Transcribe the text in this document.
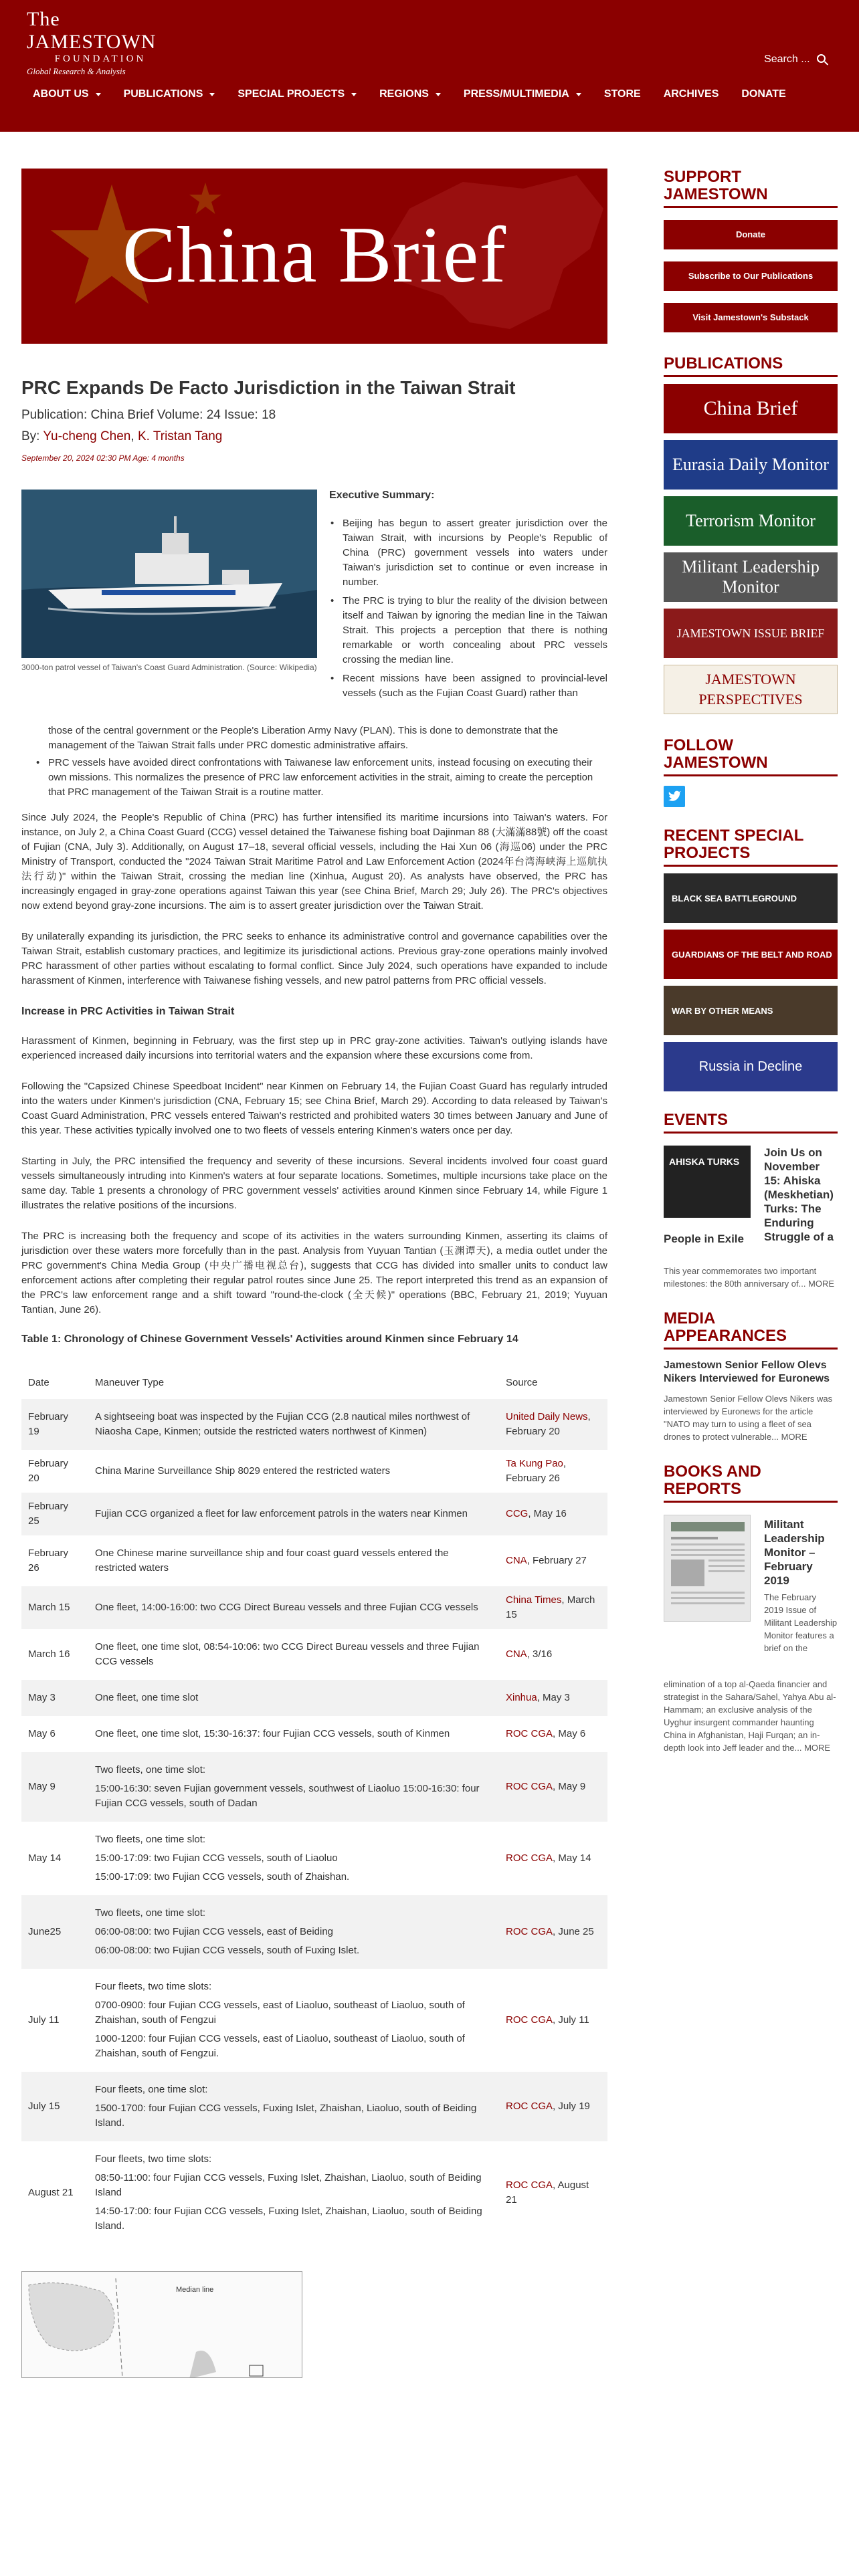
The JAMESTOWN
FOUNDATION
Global Research & Analysis
Search ...
ABOUT US	PUBLICATIONS	SPECIAL PROJECTS	REGIONS	PRESS/MULTIMEDIA	STORE ARCHIVES DONATE
China Brief
PRC Expands De Facto Jurisdiction in the Taiwan Strait
Publication: China Brief Volume: 24 Issue: 18
By: Yu-cheng Chen, K. Tristan Tang
September 20, 2024 02:30 PM Age: 4 months
3000-ton patrol vessel of Taiwan's Coast Guard Administration. (Source: Wikipedia)
Executive Summary:
• Beijing has begun to assert greater jurisdiction over the Taiwan Strait, with incursions by People's Republic of China (PRC) government vessels into waters under Taiwan's jurisdiction set to continue or even increase in number.
• The PRC is trying to blur the reality of the division between itself and Taiwan by ignoring the median line in the Taiwan Strait. This projects a perception that there is nothing remarkable or worth concealing about PRC vessels crossing the median line.
• Recent missions have been assigned to provincial-level vessels (such as the Fujian Coast Guard) rather than
those of the central government or the People's Liberation Army Navy (PLAN). This is done to demonstrate that the management of the Taiwan Strait falls under PRC domestic administrative affairs.
• PRC vessels have avoided direct confrontations with Taiwanese law enforcement units, instead focusing on executing their own missions. This normalizes the presence of PRC law enforcement activities in the strait, aiming to create the perception that PRC management of the Taiwan Strait is a routine matter.

Since July 2024, the People's Republic of China (PRC) has further intensified its maritime incursions into Taiwan's waters. For instance, on July 2, a China Coast Guard (CCG) vessel detained the Taiwanese fishing boat Dajinman 88 (大滿滿88號) off the coast of Fujian (CNA, July 3). Additionally, on August 17–18, several official vessels, including the Hai Xun 06 (海巡06) under the PRC Ministry of Transport, conducted the "2024 Taiwan Strait Maritime Patrol and Law Enforcement Action (2024年台湾海峡海上巡航执法行动)" within the Taiwan Strait, crossing the median line (Xinhua, August 20). As analysts have observed, the PRC has increasingly engaged in gray-zone operations against Taiwan this year (see China Brief, March 29; July 26). The PRC's objectives now extend beyond gray-zone incursions. The aim is to assert greater jurisdiction over the Taiwan Strait.

By unilaterally expanding its jurisdiction, the PRC seeks to enhance its administrative control and governance capabilities over the Taiwan Strait, establish customary practices, and legitimize its jurisdictional actions. Previous gray-zone operations mainly involved PRC harassment of other parties without escalating to formal conflict. Since July 2024, such operations have expanded to include harassment of Kinmen, interference with Taiwanese fishing vessels, and new patrol patterns from PRC official vessels.

Increase in PRC Activities in Taiwan Strait

Harassment of Kinmen, beginning in February, was the first step up in PRC gray-zone activities. Taiwan's outlying islands have experienced increased daily incursions into territorial waters and the expansion where these excursions come from.

Following the "Capsized Chinese Speedboat Incident" near Kinmen on February 14, the Fujian Coast Guard has regularly intruded into the waters under Kinmen's jurisdiction (CNA, February 15; see China Brief, March 29). According to data released by Taiwan's Coast Guard Administration, PRC vessels entered Taiwan's restricted and prohibited waters 30 times between January and June of this year. These activities typically involved one to two fleets of vessels entering Kinmen's waters once per day.

Starting in July, the PRC intensified the frequency and severity of these incursions. Several incidents involved four coast guard vessels simultaneously intruding into Kinmen's waters at four separate locations. Sometimes, multiple incursions take place on the same day. Table 1 presents a chronology of PRC government vessels' activities around Kinmen since February 14, while Figure 1 illustrates the relative positions of the incursions.

The PRC is increasing both the frequency and scope of its activities in the waters surrounding Kinmen, asserting its claims of jurisdiction over these waters more forcefully than in the past. Analysis from Yuyuan Tantian (玉渊谭天), a media outlet under the PRC government's China Media Group (中央广播电视总台), suggests that CCG has divided into smaller units to conduct law enforcement actions after completing their regular patrol routes since June 25. The report interpreted this trend as an expansion of the PRC's law enforcement range and a shift toward "round-the-clock (全天候)" operations (BBC, February 21, 2019; Yuyuan Tantian, June 26).

Table 1: Chronology of Chinese Government Vessels' Activities around Kinmen since February 14
Date	Maneuver Type	Source
February 19	A sightseeing boat was inspected by the Fujian CCG (2.8 nautical miles northwest of Niaosha Cape, Kinmen; outside the restricted waters northwest of Kinmen)	United Daily News, February 20
February 20	China Marine Surveillance Ship 8029 entered the restricted waters	Ta Kung Pao, February 26
February 25	Fujian CCG organized a fleet for law enforcement patrols in the waters near Kinmen	CCG, May 16
February 26	One Chinese marine surveillance ship and four coast guard vessels entered the restricted waters	CNA, February 27
March 15	One fleet, 14:00-16:00: two CCG Direct Bureau vessels and three Fujian CCG vessels	China Times, March 15
March 16	One fleet, one time slot, 08:54-10:06: two CCG Direct Bureau vessels and three Fujian CCG vessels	CNA, 3/16
May 3	One fleet, one time slot	Xinhua, May 3
May 6	One fleet, one time slot, 15:30-16:37: four Fujian CCG vessels, south of Kinmen	ROC CGA, May 6
May 9	Two fleets, one time slot:

15:00-16:30: seven Fujian government vessels, southwest of Liaoluo 15:00-16:30: four Fujian CCG vessels, south of Dadan	ROC CGA, May 9
May 14	Two fleets, one time slot:

15:00-17:09: two Fujian CCG vessels, south of Liaoluo

15:00-17:09: two Fujian CCG vessels, south of Zhaishan.	ROC CGA, May 14
June25	Two fleets, one time slot:

06:00-08:00: two Fujian CCG vessels, east of Beiding

06:00-08:00: two Fujian CCG vessels, south of Fuxing Islet.	ROC CGA, June 25
July 11	Four fleets, two time slots:

0700-0900: four Fujian CCG vessels, east of Liaoluo, southeast of Liaoluo, south of Zhaishan, south of Fengzui

1000-1200: four Fujian CCG vessels, east of Liaoluo, southeast of Liaoluo, south of Zhaishan, south of Fengzui.	ROC CGA, July 11
July 15	Four fleets, one time slot:

1500-1700: four Fujian CCG vessels, Fuxing Islet, Zhaishan, Liaoluo, south of Beiding Island.	ROC CGA, July 19
August 21	Four fleets, two time slots:

08:50-11:00: four Fujian CCG vessels, Fuxing Islet, Zhaishan, Liaoluo, south of Beiding Island

14:50-17:00: four Fujian CCG vessels, Fuxing Islet, Zhaishan, Liaoluo, south of Beiding Island.	ROC CGA, August 21
Median line
SUPPORT JAMESTOWN
Donate
Subscribe to Our Publications
Visit Jamestown's Substack
PUBLICATIONS
China Brief
Eurasia Daily Monitor
Terrorism Monitor
Militant Leadership Monitor
JAMESTOWN ISSUE BRIEF
JAMESTOWN PERSPECTIVES
FOLLOW JAMESTOWN
RECENT SPECIAL PROJECTS
BLACK SEA BATTLEGROUND
GUARDIANS OF THE BELT AND ROAD
WAR BY OTHER MEANS
Russia in Decline
EVENTS
AHISKA TURKS
Join Us on November 15: Ahiska (Meskhetian) Turks: The Enduring Struggle of a
People in Exile
This year commemorates two important milestones: the 80th anniversary of... MORE
MEDIA APPEARANCES
Jamestown Senior Fellow Olevs Nikers Interviewed for Euronews
Jamestown Senior Fellow Olevs Nikers was interviewed by Euronews for the article "NATO may turn to using a fleet of sea drones to protect vulnerable... MORE
BOOKS AND REPORTS
Militant Leadership Monitor – February 2019
The February 2019 Issue of Militant Leadership Monitor features a brief on the
elimination of a top al-Qaeda financier and strategist in the Sahara/Sahel, Yahya Abu al-Hammam; an exclusive analysis of the Uyghur insurgent commander haunting China in Afghanistan, Haji Furqan; an in-depth look into Jeff leader and the... MORE
